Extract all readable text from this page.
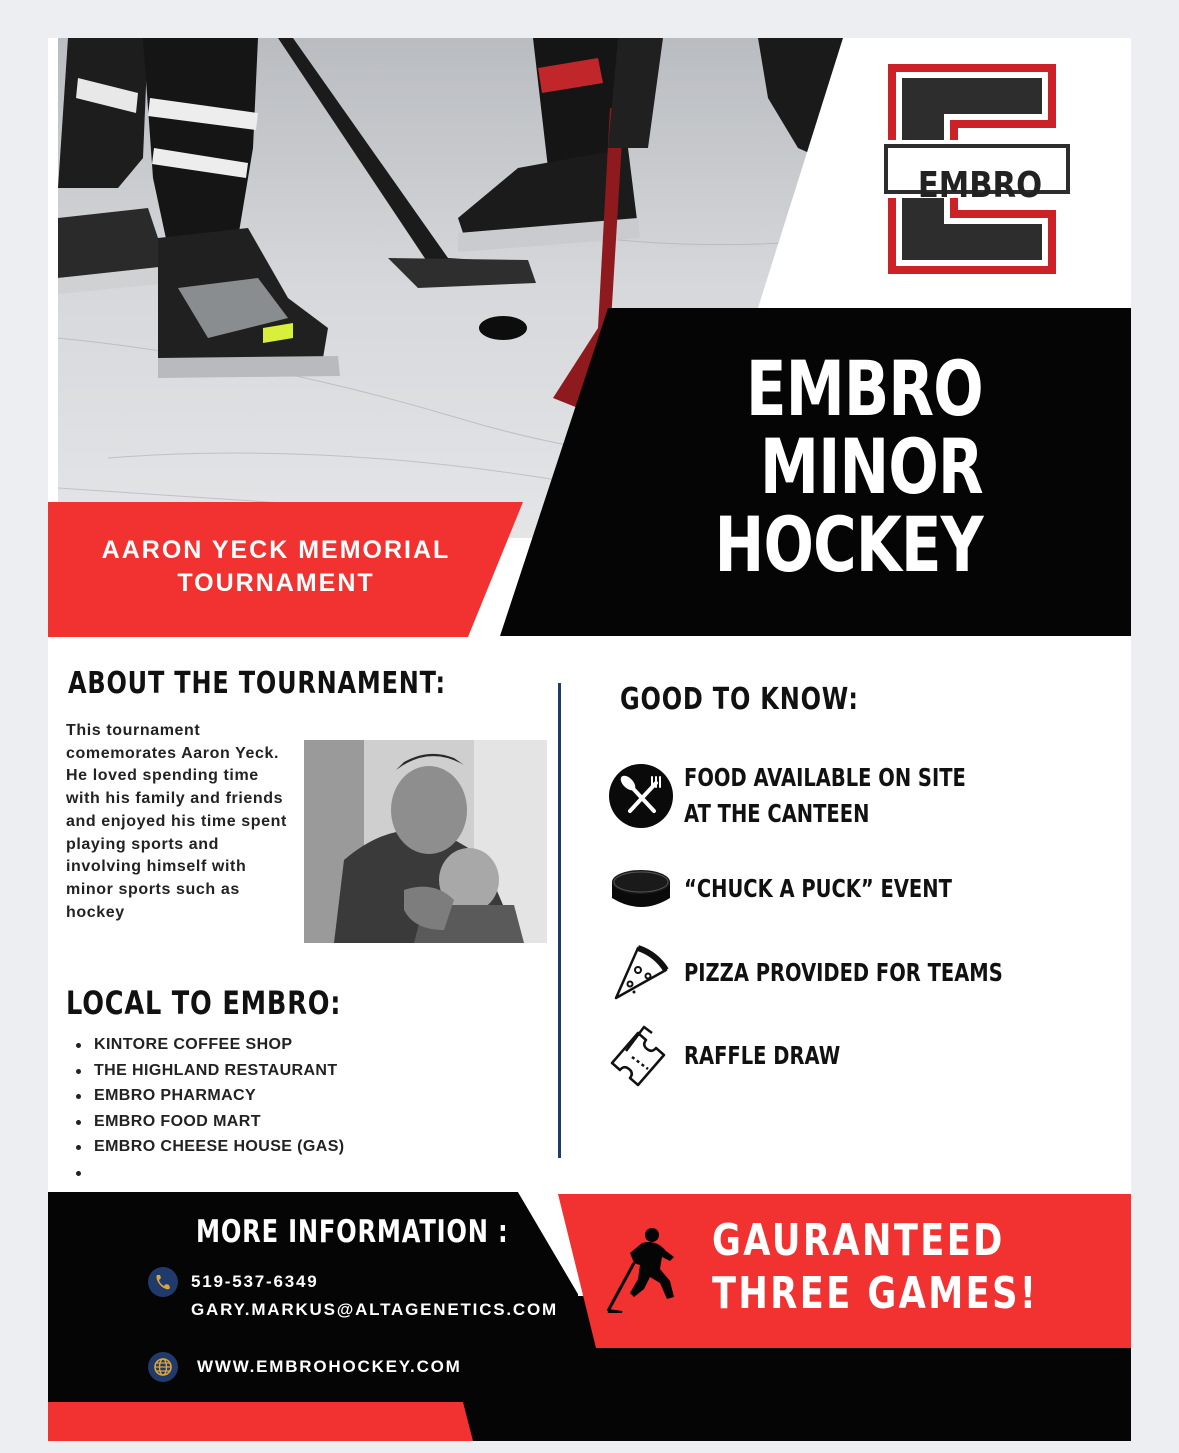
EMBRO
EMBRO
MINOR
HOCKEY
AARON YECK MEMORIAL
TOURNAMENT
ABOUT THE TOURNAMENT:
This tournament comemorates Aaron Yeck. He loved spending time with his family and friends and enjoyed his time spent playing sports and involving himself with minor sports such as hockey
LOCAL TO EMBRO:
KINTORE COFFEE SHOP
THE HIGHLAND RESTAURANT
EMBRO PHARMACY
EMBRO FOOD MART
EMBRO CHEESE HOUSE (GAS)
GOOD TO KNOW:
FOOD AVAILABLE ON SITE
AT THE CANTEEN
“CHUCK A PUCK” EVENT
PIZZA PROVIDED FOR TEAMS
RAFFLE DRAW
MORE INFORMATION :
519-537-6349
GARY.MARKUS@ALTAGENETICS.COM
WWW.EMBROHOCKEY.COM
GAURANTEED
THREE GAMES!
